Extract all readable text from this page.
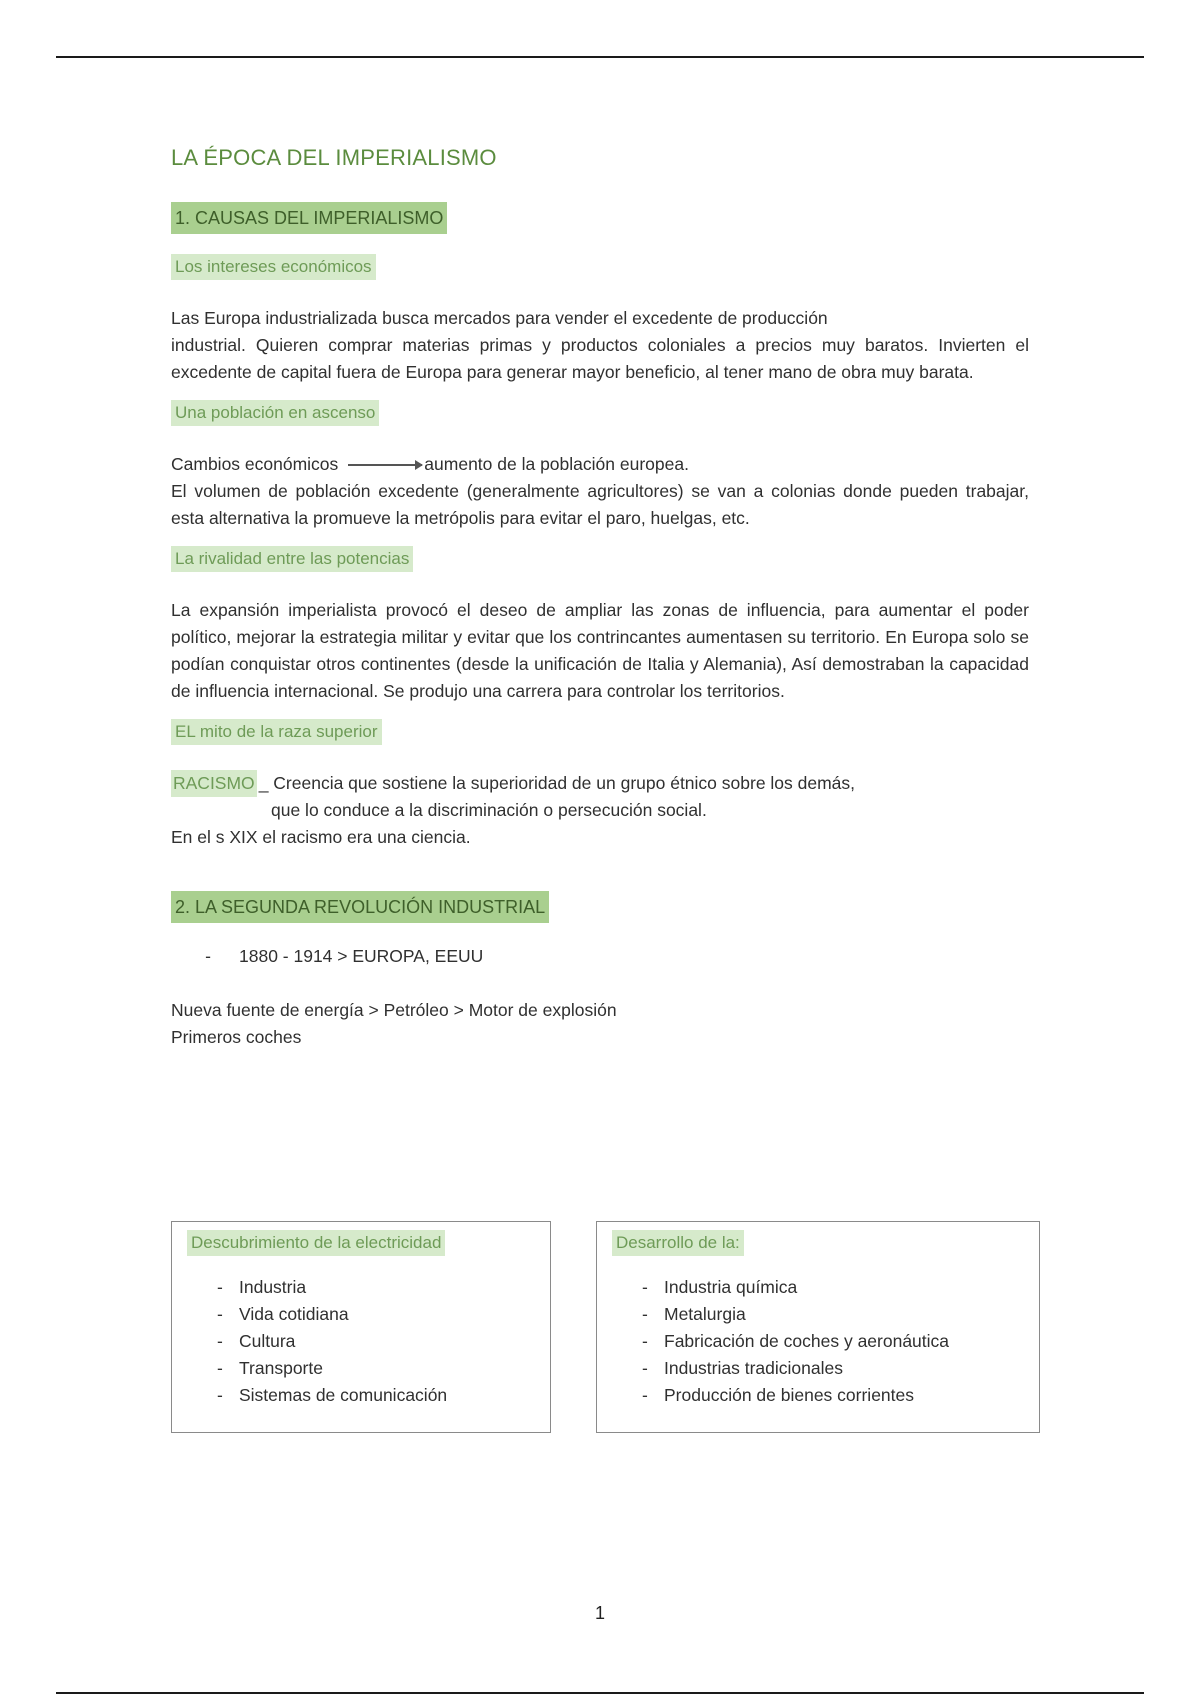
LA ÉPOCA DEL IMPERIALISMO
1. CAUSAS DEL IMPERIALISMO
Los intereses económicos

Las Europa industrializada busca mercados para vender el excedente de producción

industrial. Quieren comprar materias primas y productos coloniales a precios muy baratos. Invierten el excedente de capital fuera de Europa para generar mayor beneficio, al tener mano de obra muy barata.

Una población en ascenso

Cambios económicos	aumento de la población europea.

El volumen de población excedente (generalmente agricultores) se van a colonias donde pueden trabajar, esta alternativa la promueve la metrópolis para evitar el paro, huelgas, etc.

La rivalidad entre las potencias

La expansión imperialista provocó el deseo de ampliar las zonas de influencia, para aumentar el poder político, mejorar la estrategia militar y evitar que los contrincantes aumentasen su territorio. En Europa solo se podían conquistar otros continentes (desde la unificación de Italia y Alemania), Así demostraban la capacidad de influencia internacional. Se produjo una carrera para controlar los territorios.

EL mito de la raza superior

RACISMO _ Creencia que sostiene la superioridad de un grupo étnico sobre los demás,

que lo conduce a la discriminación o persecución social.

En el s XIX el racismo era una ciencia.

2. LA SEGUNDA REVOLUCIÓN INDUSTRIAL
-	1880 - 1914 > EUROPA, EEUU

Nueva fuente de energía > Petróleo > Motor de explosión

Primeros coches

Descubrimiento de la electricidad
- Industria
- Vida cotidiana
- Cultura
- Transporte
- Sistemas de comunicación
Desarrollo de la:
- Industria química
- Metalurgia
- Fabricación de coches y aeronáutica
- Industrias tradicionales
- Producción de bienes corrientes
1
